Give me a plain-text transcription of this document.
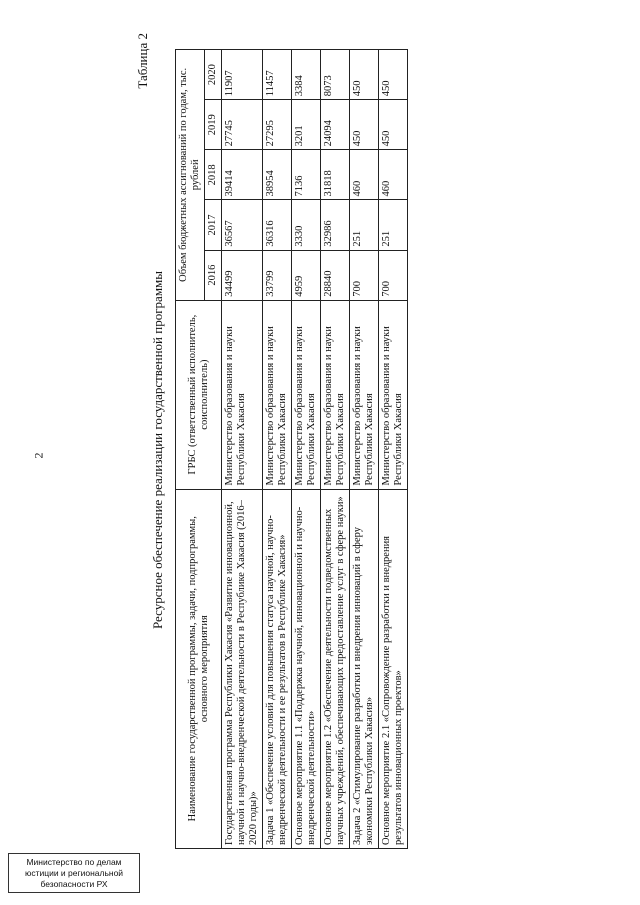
2
Таблица 2
Ресурсное обеспечение реализации государственной программы
Наименование государственной программы, задачи, подпрограммы, основного мероприятия	ГРБС (ответственный исполнитель, соисполнитель)	Объем бюджетных ассигнований по годам, тыс. рублей				
		2016	2017	2018	2019	2020
Государственная программа Республики Хакасия «Развитие инновационной, научной и научно-внедренческой деятельности в Республике Хакасия (2016–2020 годы)»	Министерство образования и науки Республики Хакасия	34499	36567	39414	27745	11907
Задача 1 «Обеспечение условий для повышения статуса научной, научно-внедренческой деятельности и ее результатов в Республике Хакасия»	Министерство образования и науки Республики Хакасия	33799	36316	38954	27295	11457
Основное мероприятие 1.1 «Поддержка научной, инновационной и научно-внедренческой деятельности»	Министерство образования и науки Республики Хакасия	4959	3330	7136	3201	3384
Основное мероприятие 1.2 «Обеспечение деятельности подведомственных научных учреждений, обеспечивающих предоставление услуг в сфере науки»	Министерство образования и науки Республики Хакасия	28840	32986	31818	24094	8073
Задача 2 «Стимулирование разработки и внедрения инноваций в сферу экономики Республики Хакасия»	Министерство образования и науки Республики Хакасия	700	251	460	450	450
Основное мероприятие 2.1 «Сопровождение разработки и внедрения результатов инновационных проектов»	Министерство образования и науки Республики Хакасия	700	251	460	450	450
Министерство по делам
юстиции и региональной
безопасности РХ
